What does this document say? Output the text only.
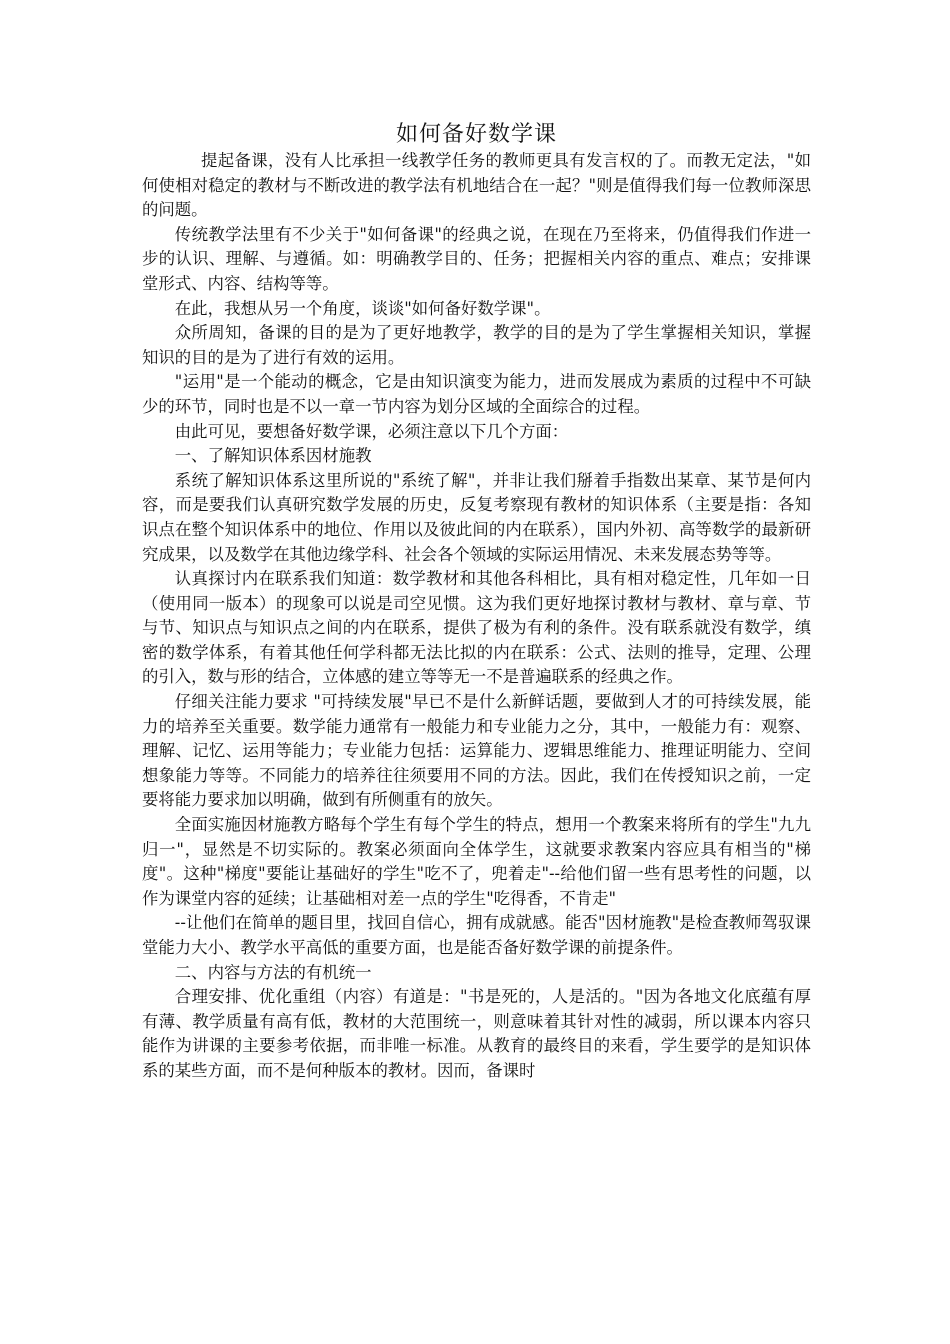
如何备好数学课

提起备课，没有人比承担一线教学任务的教师更具有发言权的了。而教无定法，"如何使相对稳定的教材与不断改进的教学法有机地结合在一起？"则是值得我们每一位教师深思的问题。

传统教学法里有不少关于"如何备课"的经典之说，在现在乃至将来，仍值得我们作进一步的认识、理解、与遵循。如：明确教学目的、任务；把握相关内容的重点、难点；安排课堂形式、内容、结构等等。

在此，我想从另一个角度，谈谈"如何备好数学课"。

众所周知，备课的目的是为了更好地教学，教学的目的是为了学生掌握相关知识，掌握知识的目的是为了进行有效的运用。

"运用"是一个能动的概念，它是由知识演变为能力，进而发展成为素质的过程中不可缺少的环节，同时也是不以一章一节内容为划分区域的全面综合的过程。

由此可见，要想备好数学课，必须注意以下几个方面：

一、了解知识体系因材施教

系统了解知识体系这里所说的"系统了解"，并非让我们掰着手指数出某章、某节是何内容，而是要我们认真研究数学发展的历史，反复考察现有教材的知识体系（主要是指：各知识点在整个知识体系中的地位、作用以及彼此间的内在联系），国内外初、高等数学的最新研究成果，以及数学在其他边缘学科、社会各个领域的实际运用情况、未来发展态势等等。

认真探讨内在联系我们知道：数学教材和其他各科相比，具有相对稳定性，几年如一日（使用同一版本）的现象可以说是司空见惯。这为我们更好地探讨教材与教材、章与章、节与节、知识点与知识点之间的内在联系，提供了极为有利的条件。没有联系就没有数学，缜密的数学体系，有着其他任何学科都无法比拟的内在联系：公式、法则的推导，定理、公理的引入，数与形的结合，立体感的建立等等无一不是普遍联系的经典之作。

仔细关注能力要求 "可持续发展"早已不是什么新鲜话题，要做到人才的可持续发展，能力的培养至关重要。数学能力通常有一般能力和专业能力之分，其中，一般能力有：观察、理解、记忆、运用等能力；专业能力包括：运算能力、逻辑思维能力、推理证明能力、空间想象能力等等。不同能力的培养往往须要用不同的方法。因此，我们在传授知识之前，一定要将能力要求加以明确，做到有所侧重有的放矢。

全面实施因材施教方略每个学生有每个学生的特点，想用一个教案来将所有的学生"九九归一"，显然是不切实际的。教案必须面向全体学生，这就要求教案内容应具有相当的"梯度"。这种"梯度"要能让基础好的学生"吃不了，兜着走"--给他们留一些有思考性的问题，以作为课堂内容的延续；让基础相对差一点的学生"吃得香，不肯走"

--让他们在简单的题目里，找回自信心，拥有成就感。能否"因材施教"是检查教师驾驭课堂能力大小、教学水平高低的重要方面，也是能否备好数学课的前提条件。

二、内容与方法的有机统一

合理安排、优化重组（内容）有道是："书是死的，人是活的。"因为各地文化底蕴有厚有薄、教学质量有高有低，教材的大范围统一，则意味着其针对性的减弱，所以课本内容只能作为讲课的主要参考依据，而非唯一标准。从教育的最终目的来看，学生要学的是知识体系的某些方面，而不是何种版本的教材。因而，备课时
